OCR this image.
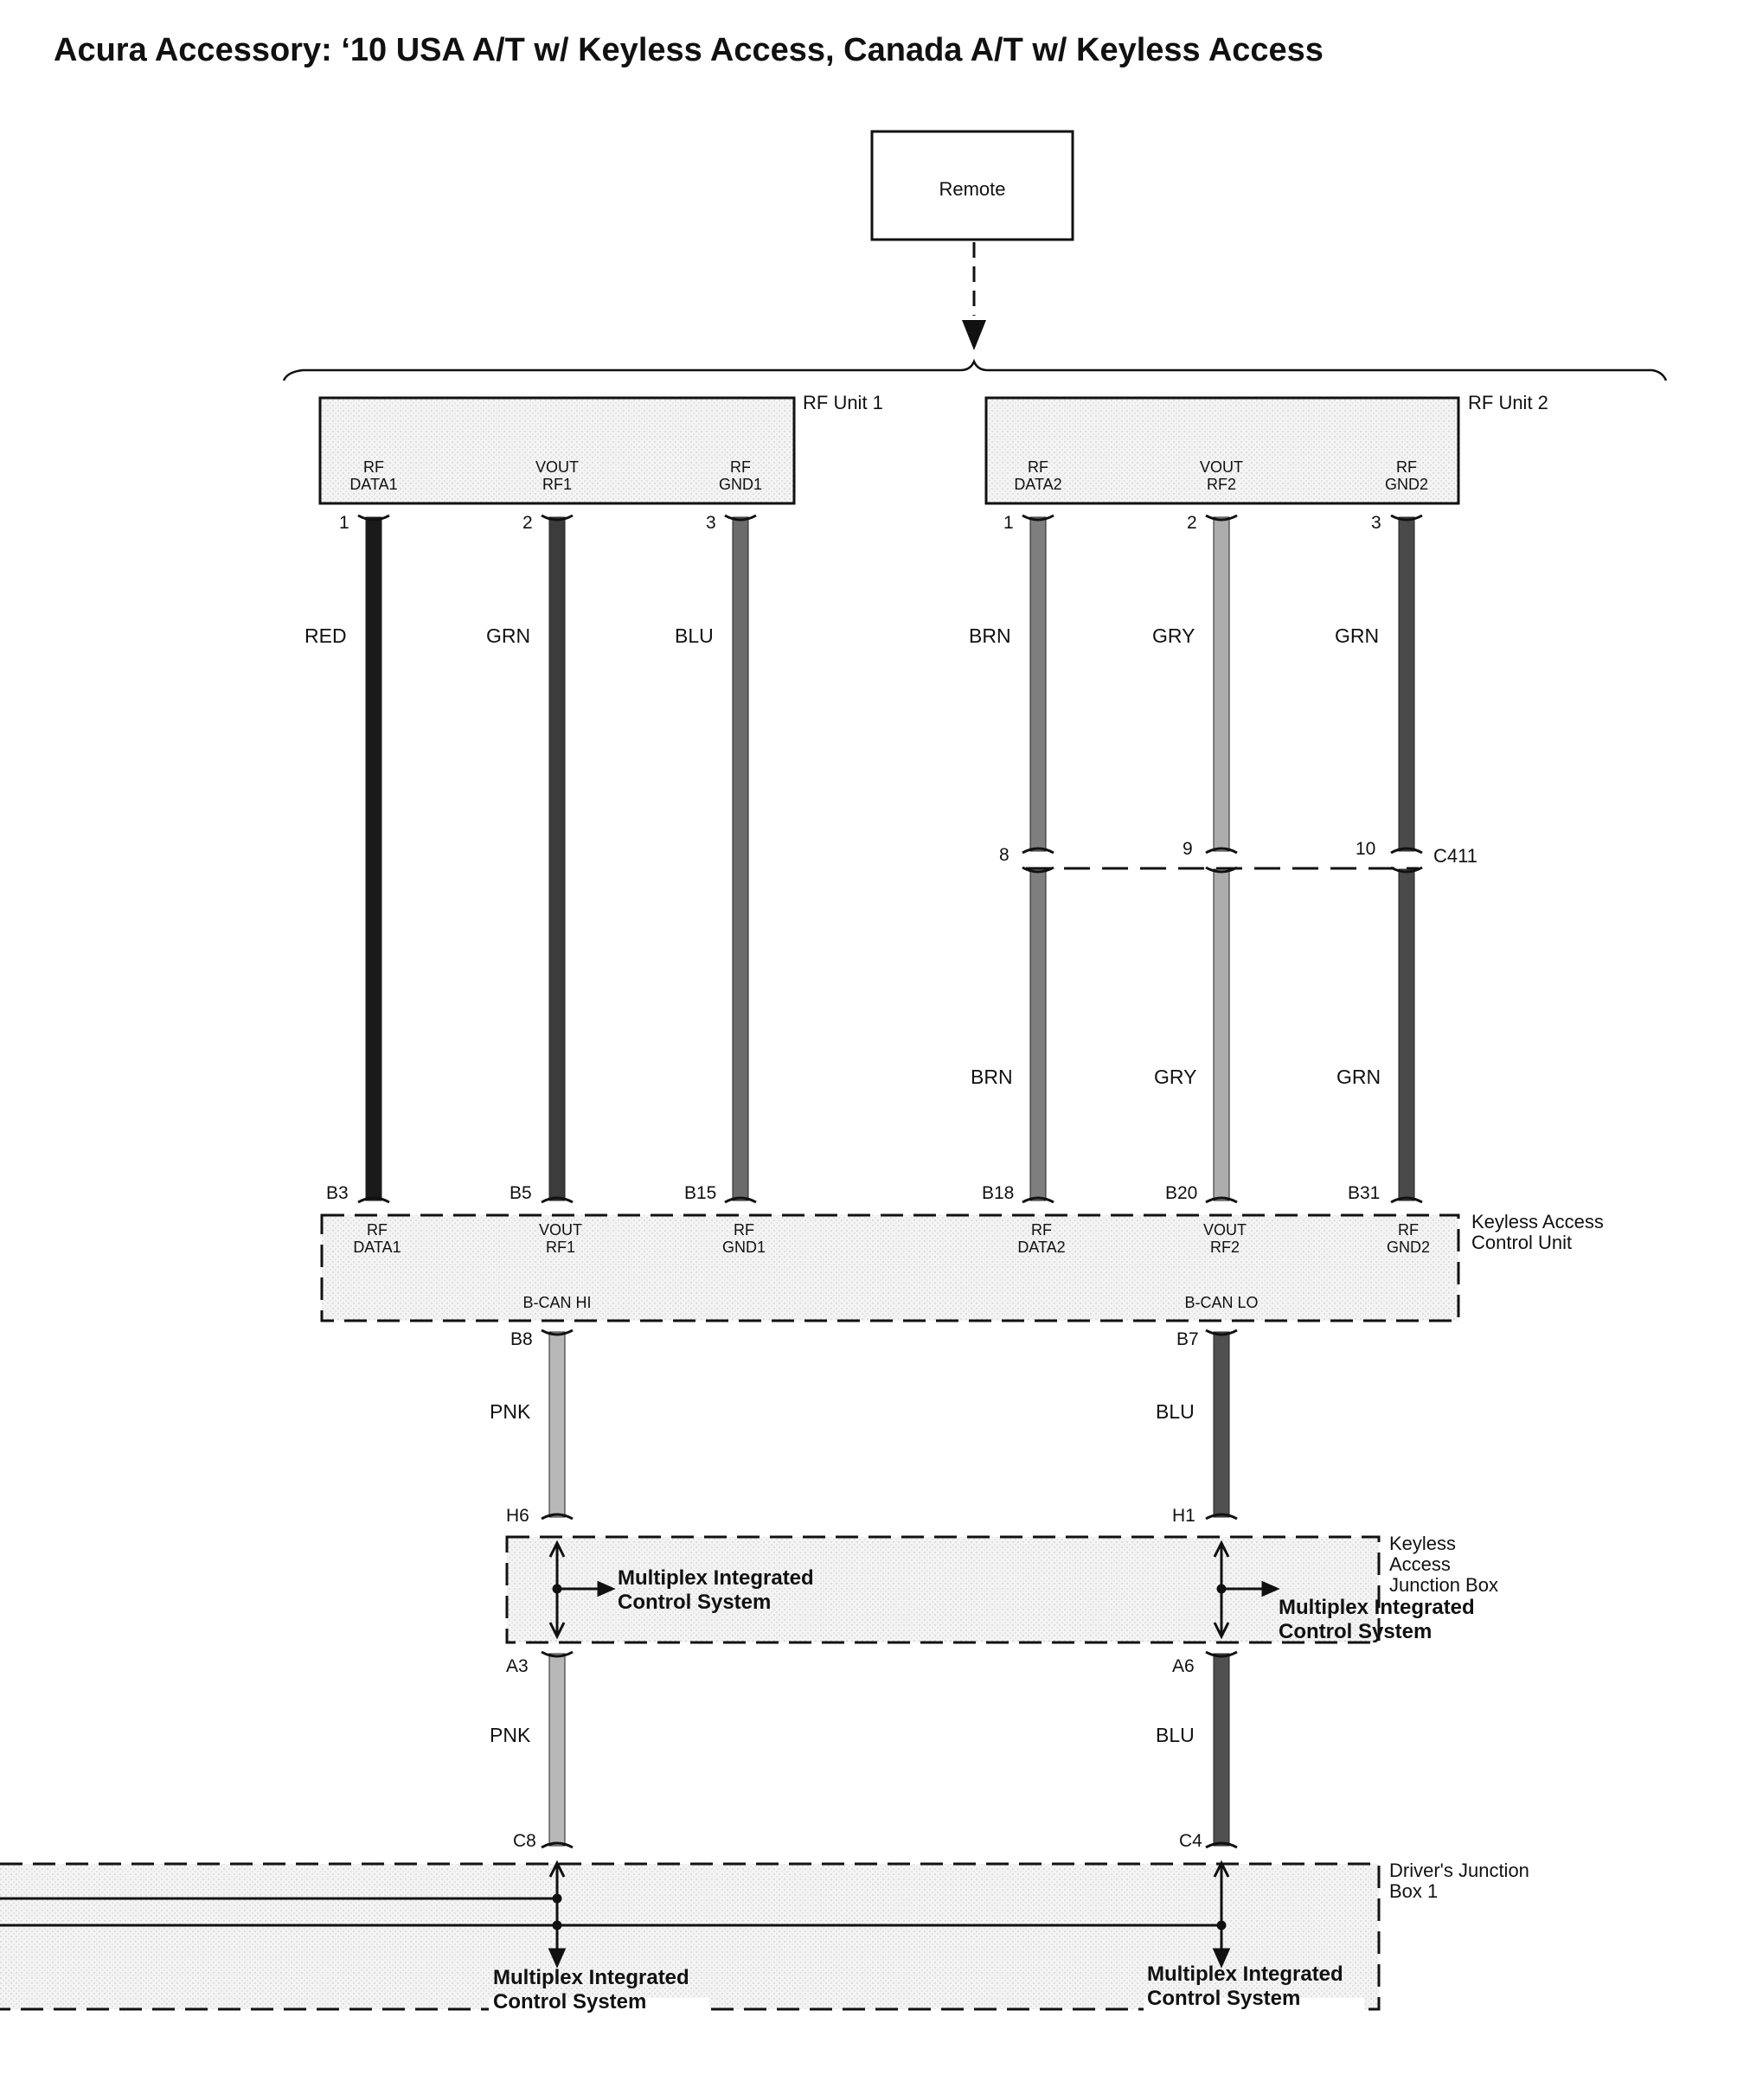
Acura Accessory: ‘10 USA A/T w/ Keyless Access, Canada A/T w/ Keyless Access
Remote
RF Unit 1	RF Unit 2
RF
DATA1
VOUT
RF1
RF
GND1
RF
DATA2
VOUT
RF2
RF
GND2
1	2	3	1	2	3
RED	GRN	BLU	BRN	GRY	GRN
8	9	10	C411
BRN	GRY	GRN
B3	B5	B15	B18	B20	B31
Keyless Access
Control Unit
RF
DATA1
VOUT
RF1
RF
GND1
RF
DATA2
VOUT
RF2
RF
GND2
B-CAN HI	B-CAN LO
B8	B7
PNK	BLU
H6	H1
Keyless
Access
Junction Box
Multiplex Integrated
Control System	Multiplex Integrated
Control System
A3	A6
PNK	BLU
C8	C4
Driver's Junction
Box 1
Multiplex Integrated
Control System
Multiplex Integrated
Control System
